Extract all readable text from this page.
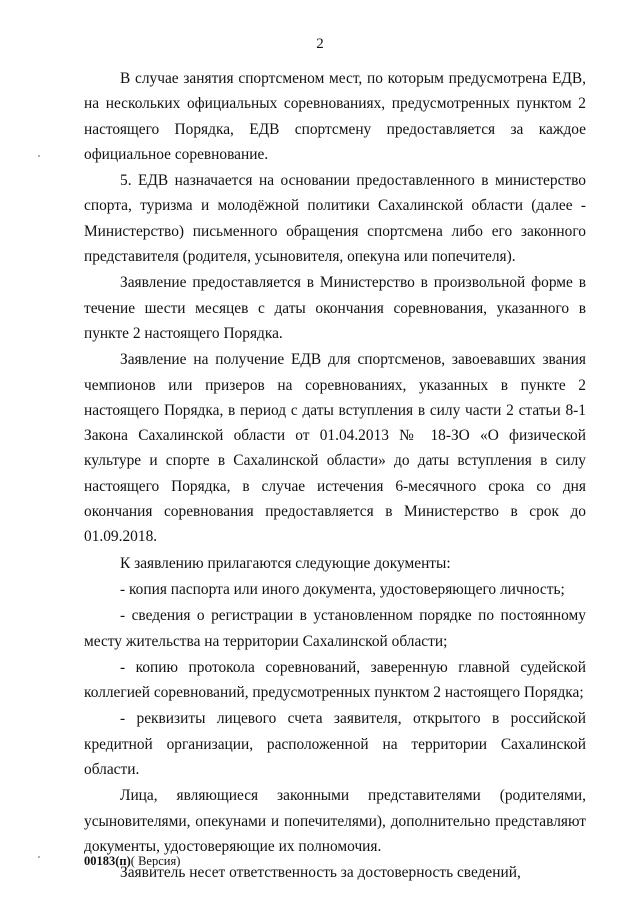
2

В случае занятия спортсменом мест, по которым предусмотрена ЕДВ, на нескольких официальных соревнованиях, предусмотренных пунктом 2 настоящего Порядка, ЕДВ спортсмену предоставляется за каждое официальное соревнование.

5. ЕДВ назначается на основании предоставленного в министерство спорта, туризма и молодёжной политики Сахалинской области (далее - Министерство) письменного обращения спортсмена либо его законного представителя (родителя, усыновителя, опекуна или попечителя).

Заявление предоставляется в Министерство в произвольной форме в течение шести месяцев с даты окончания соревнования, указанного в пункте 2 настоящего Порядка.

Заявление на получение ЕДВ для спортсменов, завоевавших звания чемпионов или призеров на соревнованиях, указанных в пункте 2 настоящего Порядка, в период с даты вступления в силу части 2 статьи 8-1 Закона Сахалинской области от 01.04.2013 № 18-ЗО «О физической культуре и спорте в Сахалинской области» до даты вступления в силу настоящего Порядка, в случае истечения 6-месячного срока со дня окончания соревнования предоставляется в Министерство в срок до 01.09.2018.

К заявлению прилагаются следующие документы:

- копия паспорта или иного документа, удостоверяющего личность;

- сведения о регистрации в установленном порядке по постоянному месту жительства на территории Сахалинской области;

- копию протокола соревнований, заверенную главной судейской коллегией соревнований, предусмотренных пунктом 2 настоящего Порядка;

- реквизиты лицевого счета заявителя, открытого в российской кредитной организации, расположенной на территории Сахалинской области.

Лица, являющиеся законными представителями (родителями, усыновителями, опекунами и попечителями), дополнительно представляют документы, удостоверяющие их полномочия.

Заявитель несет ответственность за достоверность сведений,

00183(п)( Версия)
